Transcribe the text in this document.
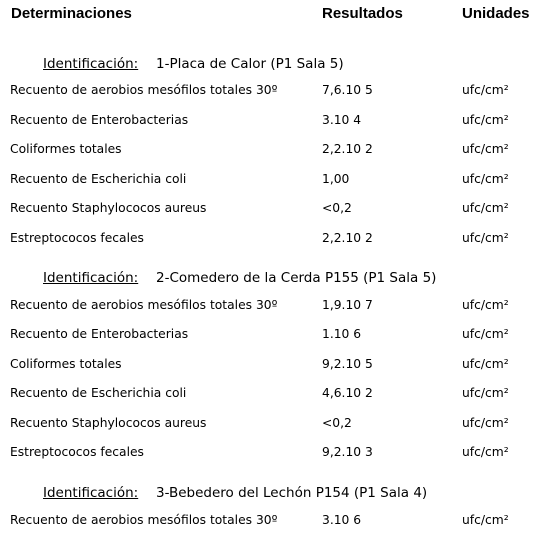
Determinaciones	Resultados	Unidades
Identificación: 1-Placa de Calor (P1 Sala 5)
Recuento de aerobios mesófilos totales 30º	7,6.10 5	ufc/cm²
Recuento de Enterobacterias	3.10 4	ufc/cm²
Coliformes totales	2,2.10 2	ufc/cm²
Recuento de Escherichia coli	1,00	ufc/cm²
Recuento Staphylococos aureus	<0,2	ufc/cm²
Estreptococos fecales	2,2.10 2	ufc/cm²
Identificación: 2-Comedero de la Cerda P155 (P1 Sala 5)
Recuento de aerobios mesófilos totales 30º	1,9.10 7	ufc/cm²
Recuento de Enterobacterias	1.10 6	ufc/cm²
Coliformes totales	9,2.10 5	ufc/cm²
Recuento de Escherichia coli	4,6.10 2	ufc/cm²
Recuento Staphylococos aureus	<0,2	ufc/cm²
Estreptococos fecales	9,2.10 3	ufc/cm²
Identificación: 3-Bebedero del Lechón P154 (P1 Sala 4)
Recuento de aerobios mesófilos totales 30º	3.10 6	ufc/cm²
